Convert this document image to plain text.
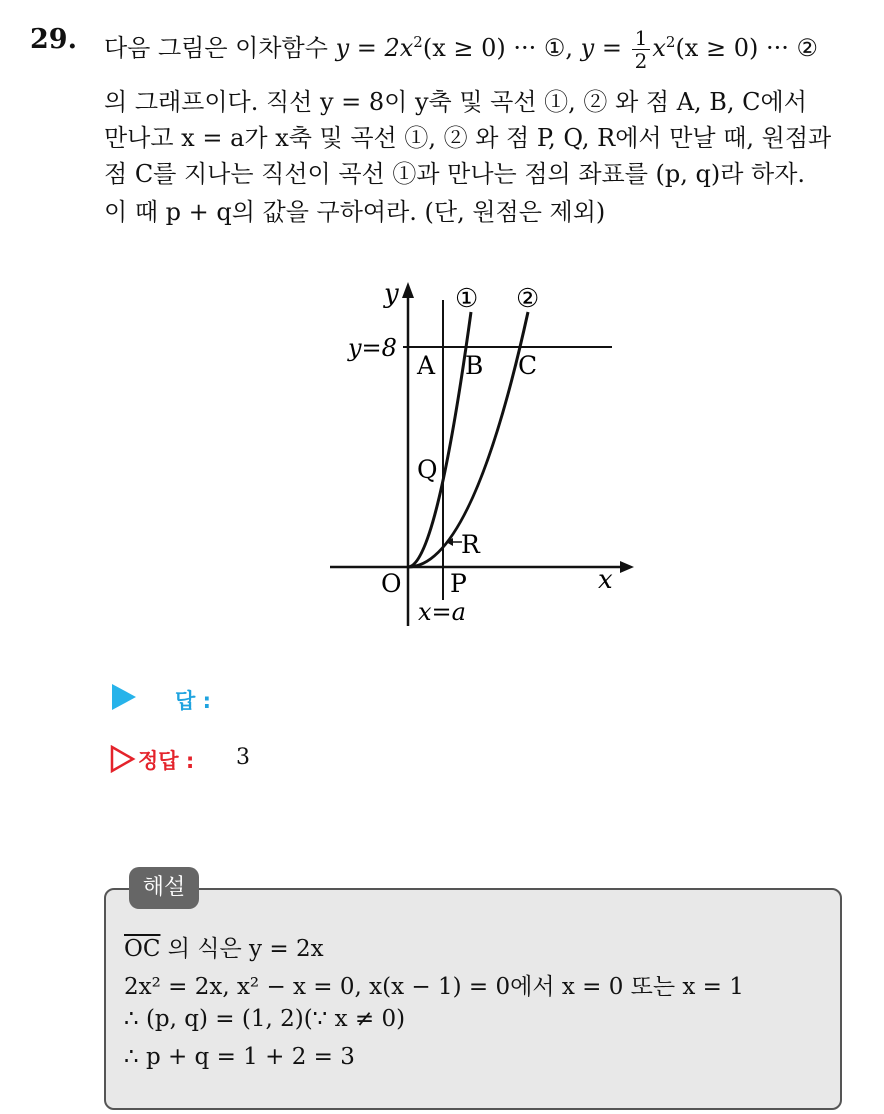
29. 다음 그림은 이차함수 $y = 2x^2(x \ge 0)$ ··· ①, $y = \frac{1}{2} x^2(x \ge 0)$ ··· ②
의 그래프이다. 직선 y = 8이 y축 및 곡선 ①, ② 와 점 A, B, C에서
만나고 x = a가 x축 및 곡선 ①, ② 와 점 P, Q, R에서 만날 때, 원점과
점 C를 지나는 직선이 곡선 ①과 만나는 점의 좌표를 (p, q)라 하자.
이 때 p + q의 값을 구하여라. (단, 원점은 제외)
y
x
O
① ②
y=8
A B C
Q
R
P
x=a
답 :
정답 : 3
해설
$\overline{OC}$ 의 식은 y = 2x
2x² = 2x, x² − x = 0, x(x − 1) = 0에서 x = 0 또는 x = 1
∴ (p, q) = (1, 2)(∵ x ≠ 0)
∴ p + q = 1 + 2 = 3
